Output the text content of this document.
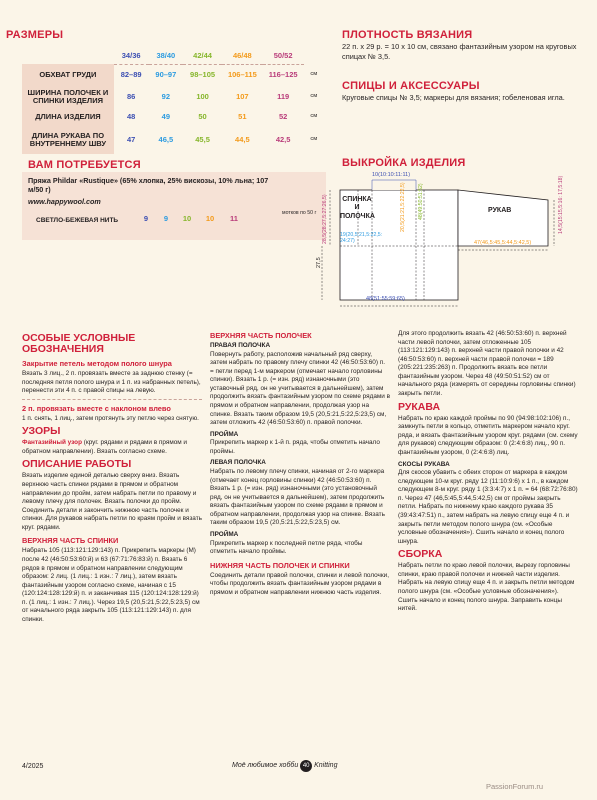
РАЗМЕРЫ
	34/36	38/40	42/44	46/48	50/52	
ОБХВАТ ГРУДИ	82–89	90–97	98–105	106–115	116–125	см
ШИРИНА ПОЛОЧЕК И СПИНКИ ИЗДЕЛИЯ	86	92	100	107	119	см
ДЛИНА ИЗДЕЛИЯ	48	49	50	51	52	см
ДЛИНА РУКАВА ПО ВНУТРЕННЕМУ ШВУ	47	46,5	45,5	44,5	42,5	см
ПЛОТНОСТЬ ВЯЗАНИЯ
22 п. х 29 р. = 10 х 10 см, связано фантазийным узором на круговых спицах № 3,5.
СПИЦЫ И АКСЕССУАРЫ
Круговые спицы № 3,5; маркеры для вязания; гобеленовая игла.
ВАМ ПОТРЕБУЕТСЯ
Пряжа Phildar «Rustique» (65% хлопка, 25% вискозы, 10% льна; 107 м/50 г)
www.happywool.com
СВЕТЛО-БЕЖЕВАЯ НИТЬ	9 9 10 10 11
мотков по 50 г
ВЫКРОЙКА ИЗДЕЛИЯ
СПИНКА И ПОЛОЧКА
РУКАВ
10(10:10:11:11)
19(20,5:21,5:22,5: 24:27)
48(49:50:51:52)
20,5(21:21,5:22:22,5)
28,5(28:27,5:27:26,5)
27,5
48(51:55:59:65)
47(46,5:45,5:44,5:42,5)
14,5(15:15,5:16: 17,5:18)
ОСОБЫЕ УСЛОВНЫЕ ОБОЗНАЧЕНИЯ
Закрытие петель методом полого шнура

Вязать 3 лиц., 2 п. провязать вместе за заднюю стенку (= последняя петля полого шнура и 1 п. из набранных петель), перенести эти 4 п. с правой спицы на левую.

2 п. провязать вместе с наклоном влево

1 п. снять, 1 лиц., затем протянуть эту петлю через снятую.

УЗОРЫ

Фантазийный узор (круг. рядами и рядами в прямом и обратном направлении). Вязать согласно схеме.

ОПИСАНИЕ РАБОТЫ

Вязать изделие единой деталью сверху вниз. Вязать верхнюю часть спинки рядами в прямом и обратном направлении до пройм, затем набрать петли по правому и левому плечу для полочек. Вязать полочки до пройм. Соединить детали и закончить нижнюю часть полочек и спинки. Для рукавов набрать петли по краям пройм и вязать круг. рядами.

ВЕРХНЯЯ ЧАСТЬ СПИНКИ

Набрать 105 (113:121:129:143) п. Прикрепить маркеры (М) после 42 (46:50:53:60:й) и 63 (67:71:76:83:й) п. Вязать 6 рядов в прямом и обратном направлении следующим образом: 2 лиц. (1 лиц.: 1 изн.: 7 лиц.), затем вязать фантазийным узором согласно схеме, начиная с 15 (120:124:128:129:й) п. и заканчивая 115 (120:124:128:129:й) п. (1 лиц.: 1 изн.: 7 лиц.). Через 19,5 (20,5:21,5:22,5:23,5) см от начального ряда закрыть 105 (113:121:129:143) п. для спинки.

ВЕРХНЯЯ ЧАСТЬ ПОЛОЧЕК
ПРАВАЯ ПОЛОЧКА

Повернуть работу, расположив начальный ряд сверху, затем набрать по правому плечу спинки 42 (46:50:53:60) п. = петли перед 1-м маркером (отмечает начало горловины спинки). Вязать 1 р. (= изн. ряд) изнаночными (это уставочный ряд, он не учитывается в дальнейшем), затем продолжить вязать фантазийным узором по схеме рядами в прямом и обратном направлении, продолжая узор на спинке. Вязать таким образом 19,5 (20,5:21,5:22,5:23,5) см, затем отложить 42 (46:50:53:60) п. правой полочки.

ПРОЙМА

Прикрепить маркер к 1-й п. ряда, чтобы отметить начало проймы.

ЛЕВАЯ ПОЛОЧКА

Набрать по левому плечу спинки, начиная от 2-го маркера (отмечает конец горловины спинки) 42 (46:50:53:60) п. Вязать 1 р. (= изн. ряд) изнаночными (это установочный ряд, он не учитывается в дальнейшем), затем продолжить вязать фантазийным узором по схеме рядами в прямом и обратном направлении, продолжая узор на спинке. Вязать таким образом 19,5 (20,5:21,5:22,5:23,5) см.

ПРОЙМА

Прикрепить маркер к последней петле ряда, чтобы отметить начало проймы.

НИЖНЯЯ ЧАСТЬ ПОЛОЧЕК И СПИНКИ

Соединить детали правой полочки, спинки и левой полочки, чтобы продолжить вязать фантазийным узором рядами в прямом и обратном направлении нижнюю часть изделия.

Для этого продолжить вязать 42 (46:50:53:60) п. верхней части левой полочки, затем отложенные 105 (113:121:129:143) п. верхней части правой полочки и 42 (46:50:53:60) п. верхней части правой полочки = 189 (205:221:235:263) п. Продолжить вязать все петли фантазийным узором. Через 48 (49:50:51:52) см от начального ряда (измерять от середины горловины спинки) закрыть петли.

РУКАВА

Набрать по краю каждой проймы по 90 (94:98:102:106) п., замкнуть петли в кольцо, отметить маркером начало круг. ряда, и вязать фантазийным узором круг. рядами (см. схему для рукавов) следующим образом: 0 (2:4:6:8) лиц., 90 п. фантазийным узором, 0 (2:4:6:8) лиц.

СКОСЫ РУКАВА

Для скосов убавить с обеих сторон от маркера в каждом следующем 10-м круг. ряду 12 (11:10:9:6) х 1 п., в каждом следующем 8-м круг. ряду 1 (3:3:4:7) х 1 п. = 64 (68:72:76:80) п. Через 47 (46,5:45,5:44,5:42,5) см от проймы закрыть петли. Набрать по нижнему краю каждого рукава 35 (39:43:47:51) п., затем набрать на левую спицу еще 4 п. и закрыть петли методом полого шнура (см. «Особые условные обозначения»). Сшить начало и конец полого шнура.

СБОРКА

Набрать петли по краю левой полочки, вырезу горловины спинки, краю правой полочки и нижней части изделия. Набрать на левую спицу еще 4 п. и закрыть петли методом полого шнура (см. «Особые условные обозначения»). Сшить начало и конец полого шнура. Заправить концы нитей.

4/2025	Моё любимое хобби 40 Knitting
PassionForum.ru
